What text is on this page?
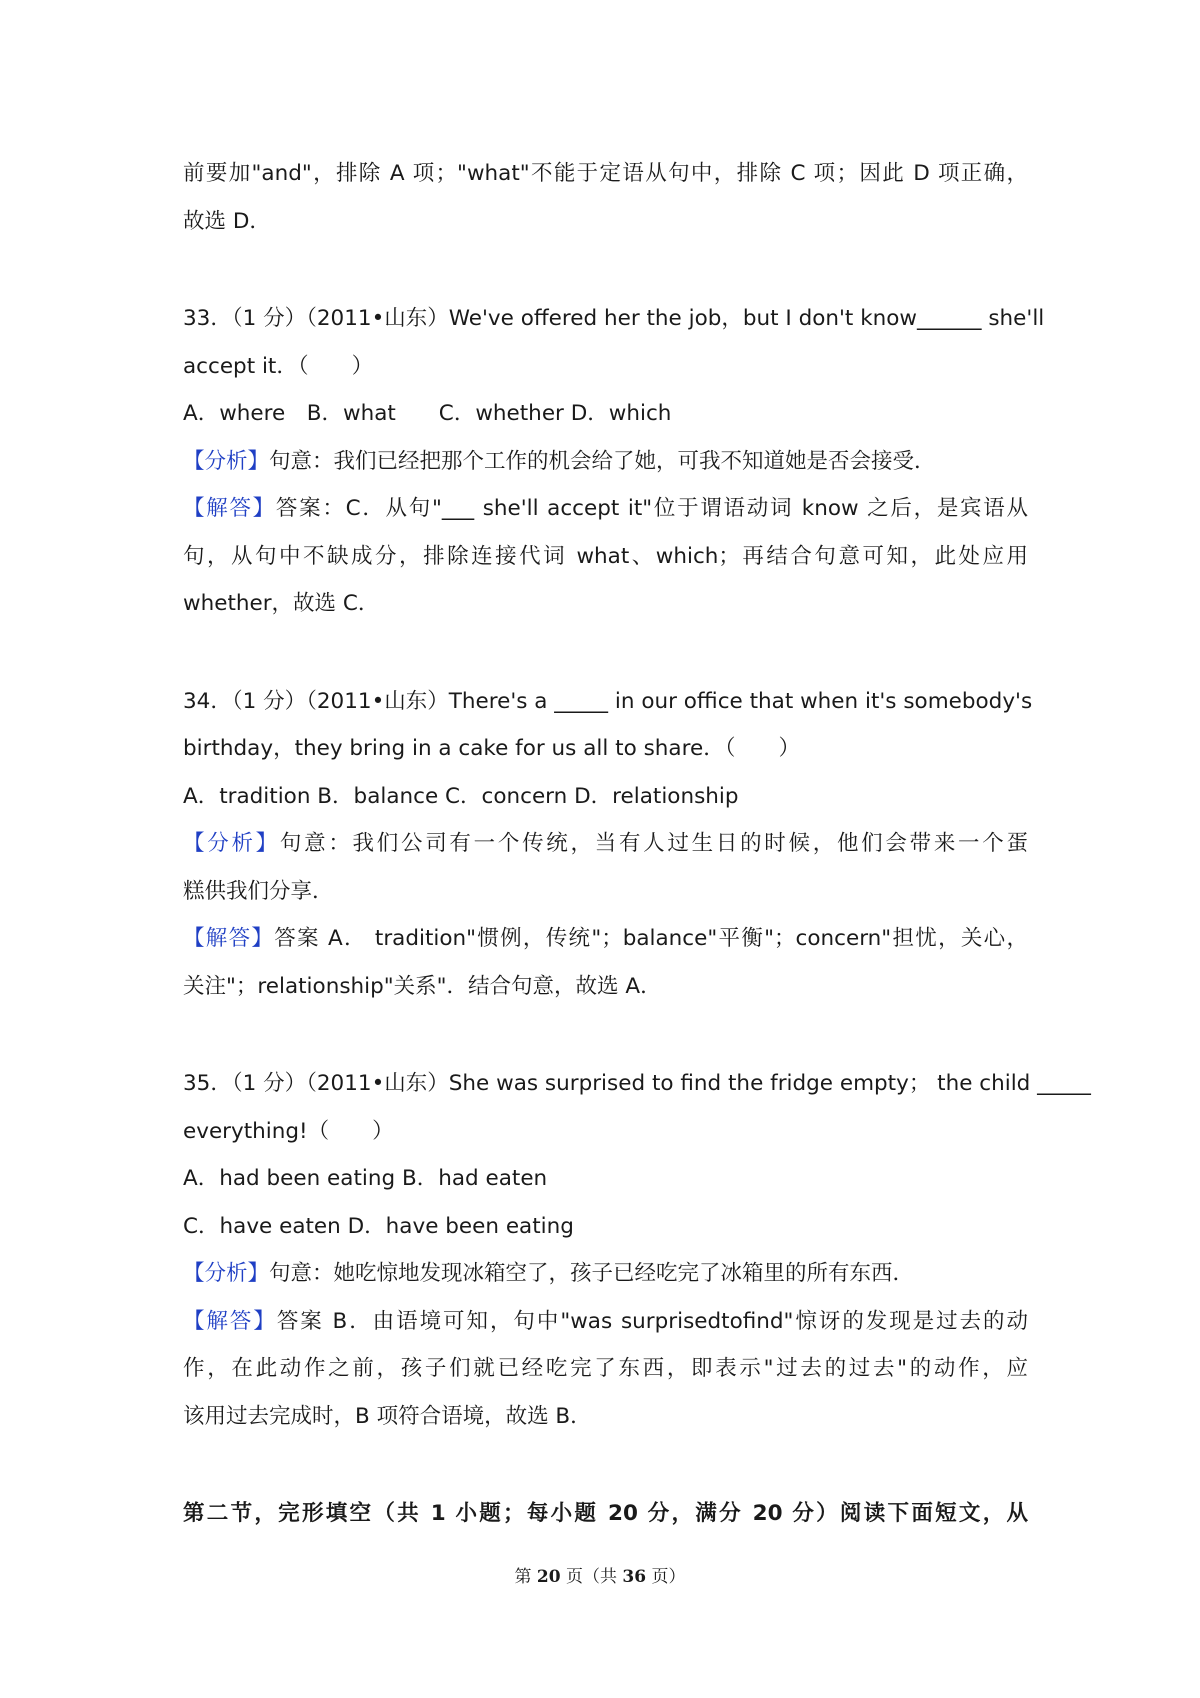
前要加"and"，排除 A 项；"what"不能于定语从句中，排除 C 项；因此 D 项正确，
故选 D．
33．（1 分）（2011•山东）We've offered her the job，but I don't know______ she'll
accept it．（　　）
A．where　B．what　　C．whether D．which
【分析】句意：我们已经把那个工作的机会给了她，可我不知道她是否会接受．
【解答】答案：C．从句"___ she'll accept it"位于谓语动词 know 之后，是宾语从
句，从句中不缺成分，排除连接代词 what、which；再结合句意可知，此处应用
whether，故选 C．
34．（1 分）（2011•山东）There's a _____ in our office that when it's somebody's
birthday，they bring in a cake for us all to share．（　　）
A．tradition B．balance C．concern D．relationship
【分析】句意：我们公司有一个传统，当有人过生日的时候，他们会带来一个蛋
糕供我们分享．
【解答】答案 A． tradition"惯例，传统"；balance"平衡"；concern"担忧，关心，
关注"；relationship"关系"．结合句意，故选 A．
35．（1 分）（2011•山东）She was surprised to find the fridge empty； the child _____
everything!（　　）
A．had been eating B．had eaten
C．have eaten D．have been eating
【分析】句意：她吃惊地发现冰箱空了，孩子已经吃完了冰箱里的所有东西．
【解答】答案 B．由语境可知，句中"was surprisedtofind"惊讶的发现是过去的动
作，在此动作之前，孩子们就已经吃完了东西，即表示"过去的过去"的动作，应
该用过去完成时，B 项符合语境，故选 B．
第二节，完形填空（共 1 小题；每小题 20 分，满分 20 分）阅读下面短文，从
第 20 页（共 36 页）
